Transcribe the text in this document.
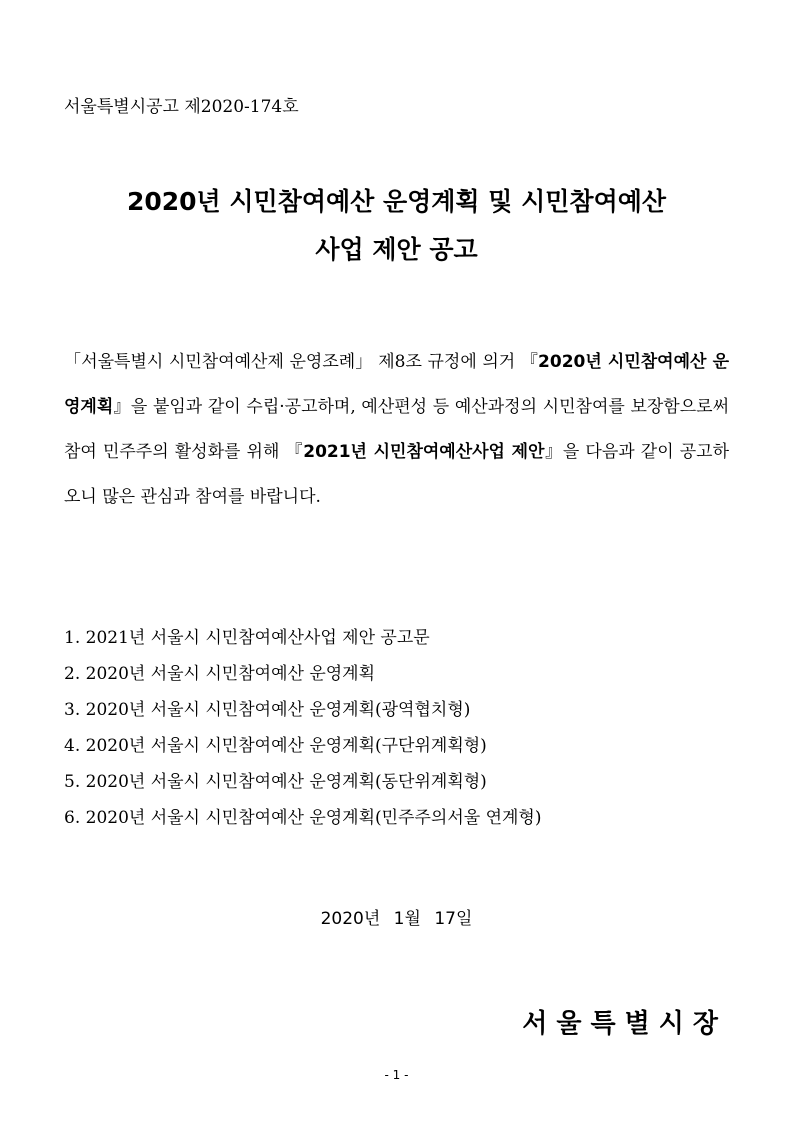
서울특별시공고 제2020-174호
2020년 시민참여예산 운영계획 및 시민참여예산
사업 제안 공고
「서울특별시 시민참여예산제 운영조례」 제8조 규정에 의거 『2020년 시민참여예산 운영계획』을 붙임과 같이 수립·공고하며, 예산편성 등 예산과정의 시민참여를 보장함으로써 참여 민주주의 활성화를 위해 『2021년 시민참여예산사업 제안』을 다음과 같이 공고하오니 많은 관심과 참여를 바랍니다.
1. 2021년 서울시 시민참여예산사업 제안 공고문
2. 2020년 서울시 시민참여예산 운영계획
3. 2020년 서울시 시민참여예산 운영계획(광역협치형)
4. 2020년 서울시 시민참여예산 운영계획(구단위계획형)
5. 2020년 서울시 시민참여예산 운영계획(동단위계획형)
6. 2020년 서울시 시민참여예산 운영계획(민주주의서울 연계형)
2020년 1월 17일
서울특별시장
- 1 -
